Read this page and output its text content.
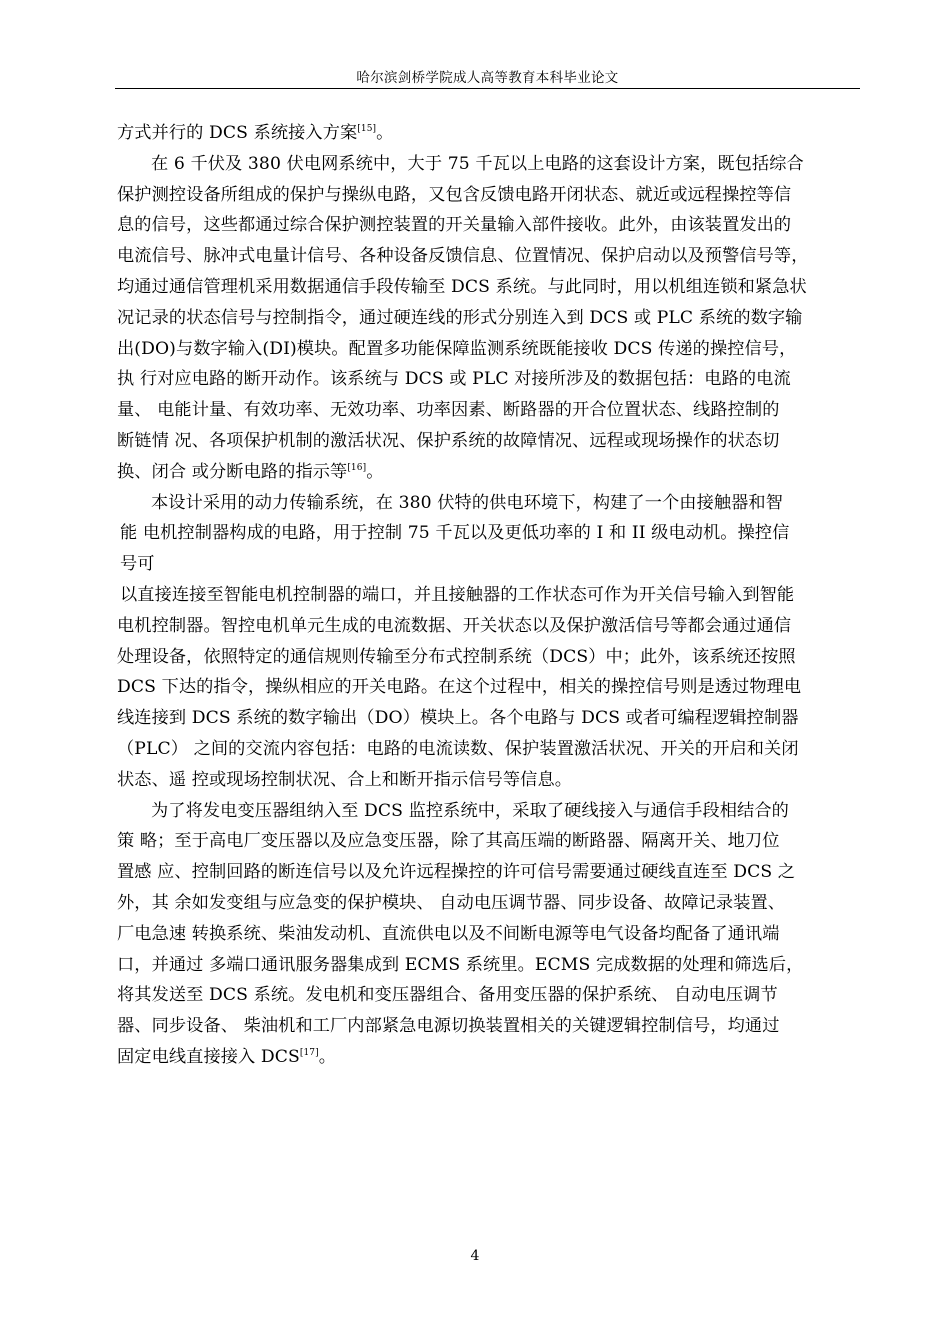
哈尔滨剑桥学院成人高等教育本科毕业论文
方式并行的 DCS 系统接入方案[15]。
在 6 千伏及 380 伏电网系统中，大于 75 千瓦以上电路的这套设计方案，既包括综合
保护测控设备所组成的保护与操纵电路，又包含反馈电路开闭状态、就近或远程操控等信
息的信号，这些都通过综合保护测控装置的开关量输入部件接收。此外，由该装置发出的
电流信号、脉冲式电量计信号、各种设备反馈信息、位置情况、保护启动以及预警信号等，
均通过通信管理机采用数据通信手段传输至 DCS 系统。与此同时，用以机组连锁和紧急状
况记录的状态信号与控制指令，通过硬连线的形式分别连入到 DCS 或 PLC 系统的数字输
出(DO)与数字输入(DI)模块。配置多功能保障监测系统既能接收 DCS 传递的操控信号，
执 行对应电路的断开动作。该系统与 DCS 或 PLC 对接所涉及的数据包括：电路的电流
量、 电能计量、有效功率、无效功率、功率因素、断路器的开合位置状态、线路控制的
断链情 况、各项保护机制的激活状况、保护系统的故障情况、远程或现场操作的状态切
换、闭合 或分断电路的指示等[16]。
本设计采用的动力传输系统，在 380 伏特的供电环境下，构建了一个由接触器和智
能 电机控制器构成的电路，用于控制 75 千瓦以及更低功率的 I 和 II 级电动机。操控信
号可
以直接连接至智能电机控制器的端口，并且接触器的工作状态可作为开关信号输入到智能
电机控制器。智控电机单元生成的电流数据、开关状态以及保护激活信号等都会通过通信
处理设备，依照特定的通信规则传输至分布式控制系统（DCS）中；此外，该系统还按照
DCS 下达的指令，操纵相应的开关电路。在这个过程中，相关的操控信号则是透过物理电
线连接到 DCS 系统的数字输出（DO）模块上。各个电路与 DCS 或者可编程逻辑控制器
（PLC） 之间的交流内容包括：电路的电流读数、保护装置激活状况、开关的开启和关闭
状态、遥 控或现场控制状况、合上和断开指示信号等信息。
为了将发电变压器组纳入至 DCS 监控系统中，采取了硬线接入与通信手段相结合的
策 略；至于高电厂变压器以及应急变压器，除了其高压端的断路器、隔离开关、地刀位
置感 应、控制回路的断连信号以及允许远程操控的许可信号需要通过硬线直连至 DCS 之
外，其 余如发变组与应急变的保护模块、 自动电压调节器、同步设备、故障记录装置、
厂电急速 转换系统、柴油发动机、直流供电以及不间断电源等电气设备均配备了通讯端
口，并通过 多端口通讯服务器集成到 ECMS 系统里。ECMS 完成数据的处理和筛选后，
将其发送至 DCS 系统。发电机和变压器组合、备用变压器的保护系统、 自动电压调节
器、同步设备、 柴油机和工厂内部紧急电源切换装置相关的关键逻辑控制信号，均通过
固定电线直接接入 DCS[17]。
4
